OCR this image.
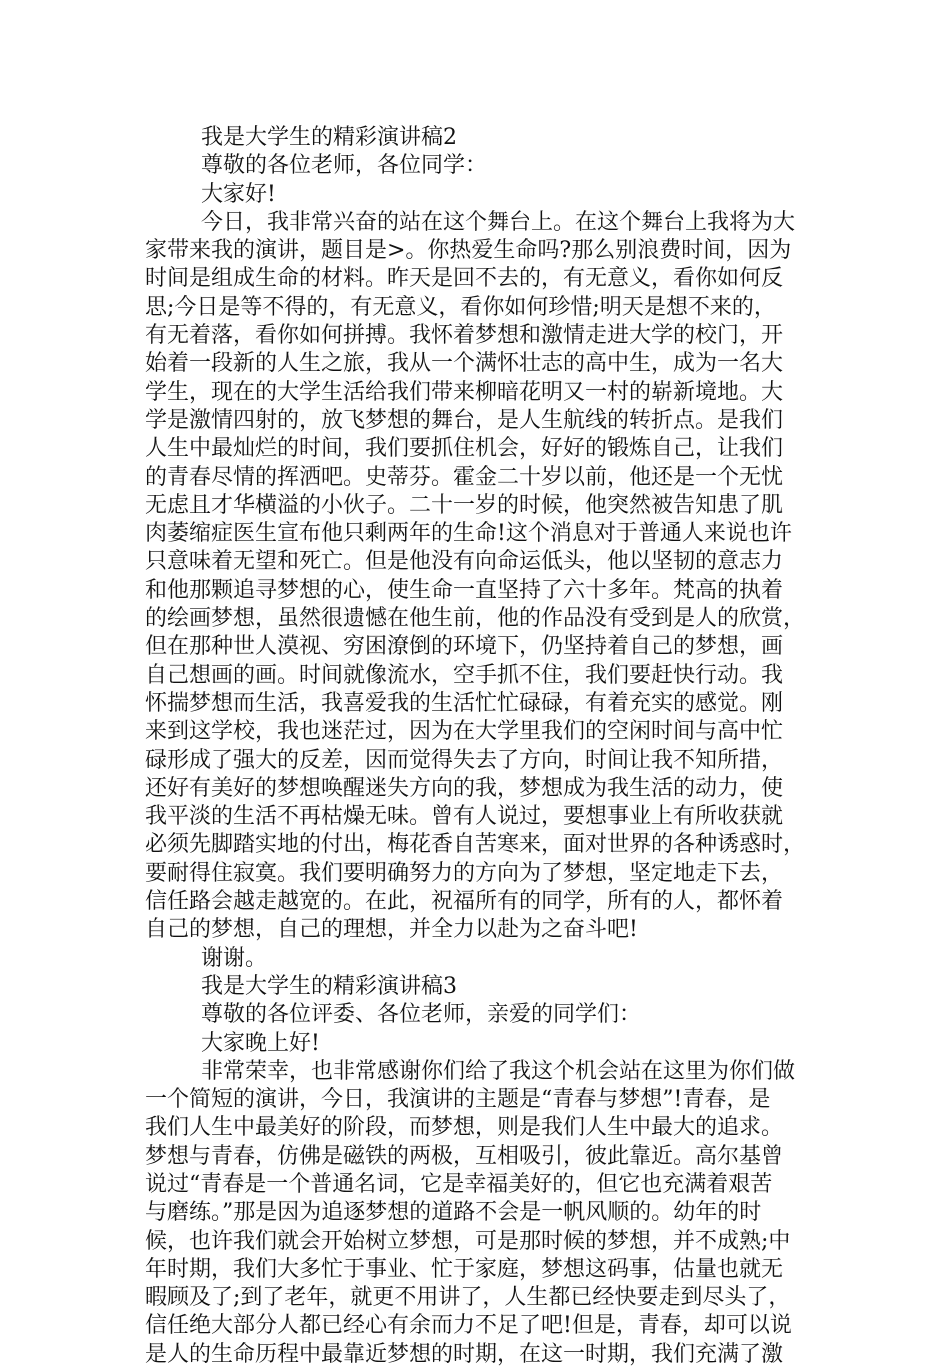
我是大学生的精彩演讲稿2
尊敬的各位老师，各位同学：
大家好!
今日，我非常兴奋的站在这个舞台上。在这个舞台上我将为大
家带来我的演讲，题目是>。你热爱生命吗?那么别浪费时间，因为
时间是组成生命的材料。昨天是回不去的，有无意义，看你如何反
思;今日是等不得的，有无意义，看你如何珍惜;明天是想不来的，
有无着落，看你如何拼搏。我怀着梦想和激情走进大学的校门，开
始着一段新的人生之旅，我从一个满怀壮志的高中生，成为一名大
学生，现在的大学生活给我们带来柳暗花明又一村的崭新境地。大
学是激情四射的，放飞梦想的舞台，是人生航线的转折点。是我们
人生中最灿烂的时间，我们要抓住机会，好好的锻炼自己，让我们
的青春尽情的挥洒吧。史蒂芬。霍金二十岁以前，他还是一个无忧
无虑且才华横溢的小伙子。二十一岁的时候，他突然被告知患了肌
肉萎缩症医生宣布他只剩两年的生命!这个消息对于普通人来说也许
只意味着无望和死亡。但是他没有向命运低头，他以坚韧的意志力
和他那颗追寻梦想的心，使生命一直坚持了六十多年。梵高的执着
的绘画梦想，虽然很遗憾在他生前，他的作品没有受到是人的欣赏，
但在那种世人漠视、穷困潦倒的环境下，仍坚持着自己的梦想，画
自己想画的画。时间就像流水，空手抓不住，我们要赶快行动。我
怀揣梦想而生活，我喜爱我的生活忙忙碌碌，有着充实的感觉。刚
来到这学校，我也迷茫过，因为在大学里我们的空闲时间与高中忙
碌形成了强大的反差，因而觉得失去了方向，时间让我不知所措，
还好有美好的梦想唤醒迷失方向的我，梦想成为我生活的动力，使
我平淡的生活不再枯燥无味。曾有人说过，要想事业上有所收获就
必须先脚踏实地的付出，梅花香自苦寒来，面对世界的各种诱惑时，
要耐得住寂寞。我们要明确努力的方向为了梦想，坚定地走下去，
信任路会越走越宽的。在此，祝福所有的同学，所有的人，都怀着
自己的梦想，自己的理想，并全力以赴为之奋斗吧!
谢谢。
我是大学生的精彩演讲稿3
尊敬的各位评委、各位老师，亲爱的同学们：
大家晚上好!
非常荣幸，也非常感谢你们给了我这个机会站在这里为你们做
一个简短的演讲，今日，我演讲的主题是“青春与梦想”!青春，是
我们人生中最美好的阶段，而梦想，则是我们人生中最大的追求。
梦想与青春，仿佛是磁铁的两极，互相吸引，彼此靠近。高尔基曾
说过“青春是一个普通名词，它是幸福美好的，但它也充满着艰苦
与磨练。”那是因为追逐梦想的道路不会是一帆风顺的。幼年的时
候，也许我们就会开始树立梦想，可是那时候的梦想，并不成熟;中
年时期，我们大多忙于事业、忙于家庭，梦想这码事，估量也就无
暇顾及了;到了老年，就更不用讲了，人生都已经快要走到尽头了，
信任绝大部分人都已经心有余而力不足了吧!但是，青春，却可以说
是人的生命历程中最靠近梦想的时期，在这一时期，我们充满了激
